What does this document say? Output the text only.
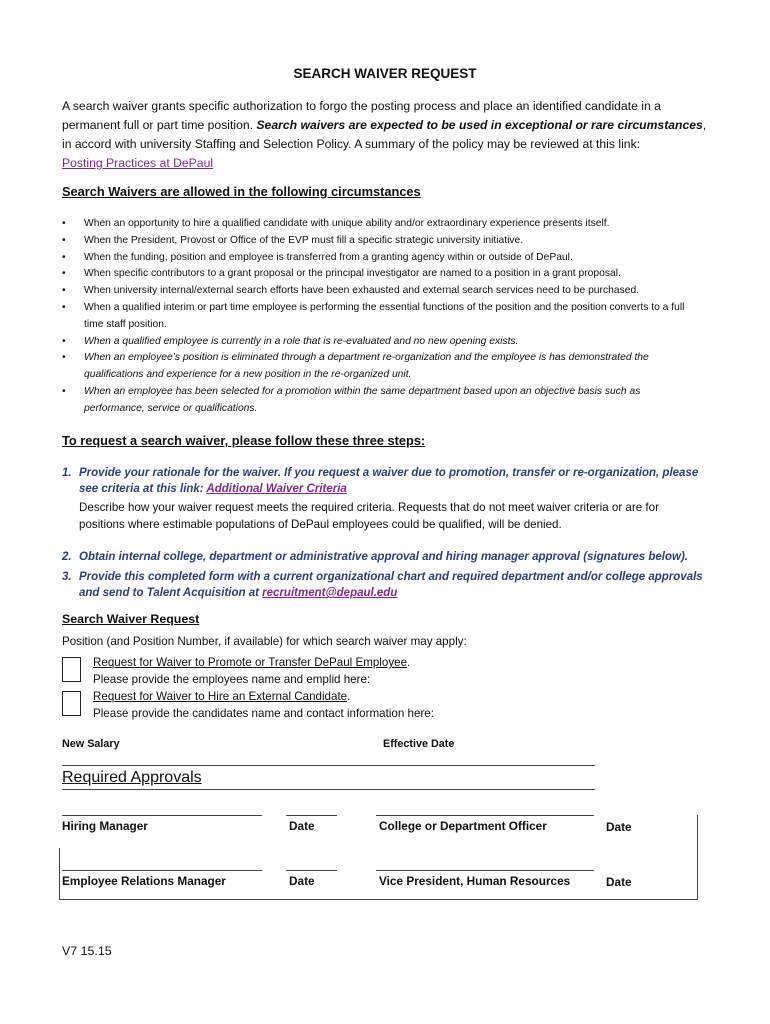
SEARCH WAIVER REQUEST
A search waiver grants specific authorization to forgo the posting process and place an identified candidate in a permanent full or part time position. Search waivers are expected to be used in exceptional or rare circumstances, in accord with university Staffing and Selection Policy. A summary of the policy may be reviewed at this link:
Posting Practices at DePaul
Search Waivers are allowed in the following circumstances
• When an opportunity to hire a qualified candidate with unique ability and/or extraordinary experience presents itself.
• When the President, Provost or Office of the EVP must fill a specific strategic university initiative.
• When the funding, position and employee is transferred from a granting agency within or outside of DePaul.
• When specific contributors to a grant proposal or the principal investigator are named to a position in a grant proposal.
• When university internal/external search efforts have been exhausted and external search services need to be purchased.
• When a qualified interim or part time employee is performing the essential functions of the position and the position converts to a full time staff position.
• When a qualified employee is currently in a role that is re-evaluated and no new opening exists.
• When an employee’s position is eliminated through a department re-organization and the employee is has demonstrated the qualifications and experience for a new position in the re-organized unit.
• When an employee has been selected for a promotion within the same department based upon an objective basis such as performance, service or qualifications.
To request a search waiver, please follow these three steps:
1. Provide your rationale for the waiver. If you request a waiver due to promotion, transfer or re-organization, please see criteria at this link: Additional Waiver Criteria
Describe how your waiver request meets the required criteria. Requests that do not meet waiver criteria or are for positions where estimable populations of DePaul employees could be qualified, will be denied.
2. Obtain internal college, department or administrative approval and hiring manager approval (signatures below).
3. Provide this completed form with a current organizational chart and required department and/or college approvals and send to Talent Acquisition at recruitment@depaul.edu
Search Waiver Request
Position (and Position Number, if available) for which search waiver may apply:
Request for Waiver to Promote or Transfer DePaul Employee.
Please provide the employees name and emplid here:
Request for Waiver to Hire an External Candidate.
Please provide the candidates name and contact information here:
New Salary	Effective Date
Required Approvals
Hiring Manager	Date	College or Department Officer	Date
Employee Relations Manager	Date	Vice President, Human Resources	Date
V7 15.15
